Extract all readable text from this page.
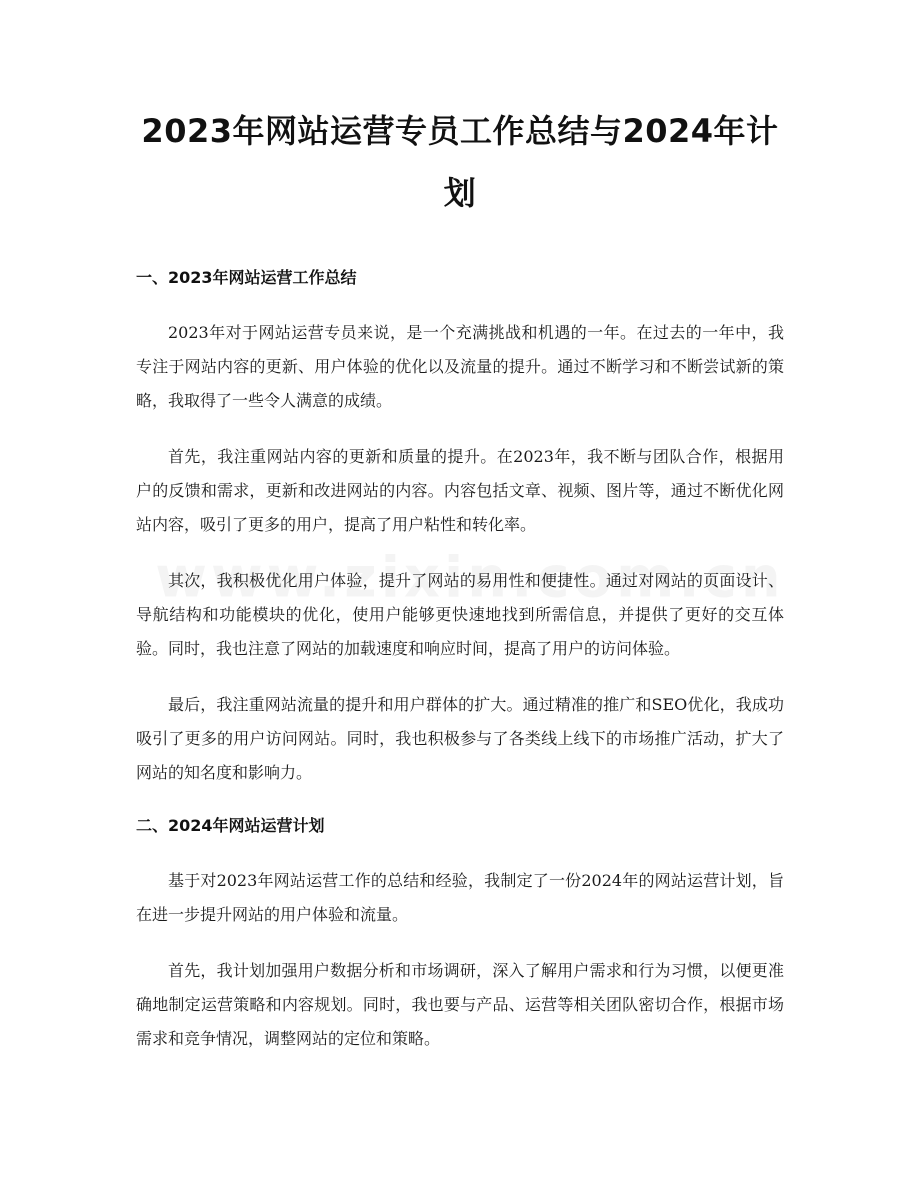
2023年网站运营专员工作总结与2024年计划
一、2023年网站运营工作总结

2023年对于网站运营专员来说，是一个充满挑战和机遇的一年。在过去的一年中，我专注于网站内容的更新、用户体验的优化以及流量的提升。通过不断学习和不断尝试新的策略，我取得了一些令人满意的成绩。

首先，我注重网站内容的更新和质量的提升。在2023年，我不断与团队合作，根据用户的反馈和需求，更新和改进网站的内容。内容包括文章、视频、图片等，通过不断优化网站内容，吸引了更多的用户，提高了用户粘性和转化率。

其次，我积极优化用户体验，提升了网站的易用性和便捷性。通过对网站的页面设计、导航结构和功能模块的优化，使用户能够更快速地找到所需信息，并提供了更好的交互体验。同时，我也注意了网站的加载速度和响应时间，提高了用户的访问体验。

最后，我注重网站流量的提升和用户群体的扩大。通过精准的推广和SEO优化，我成功吸引了更多的用户访问网站。同时，我也积极参与了各类线上线下的市场推广活动，扩大了网站的知名度和影响力。

二、2024年网站运营计划

基于对2023年网站运营工作的总结和经验，我制定了一份2024年的网站运营计划，旨在进一步提升网站的用户体验和流量。

首先，我计划加强用户数据分析和市场调研，深入了解用户需求和行为习惯，以便更准确地制定运营策略和内容规划。同时，我也要与产品、运营等相关团队密切合作，根据市场需求和竞争情况，调整网站的定位和策略。
